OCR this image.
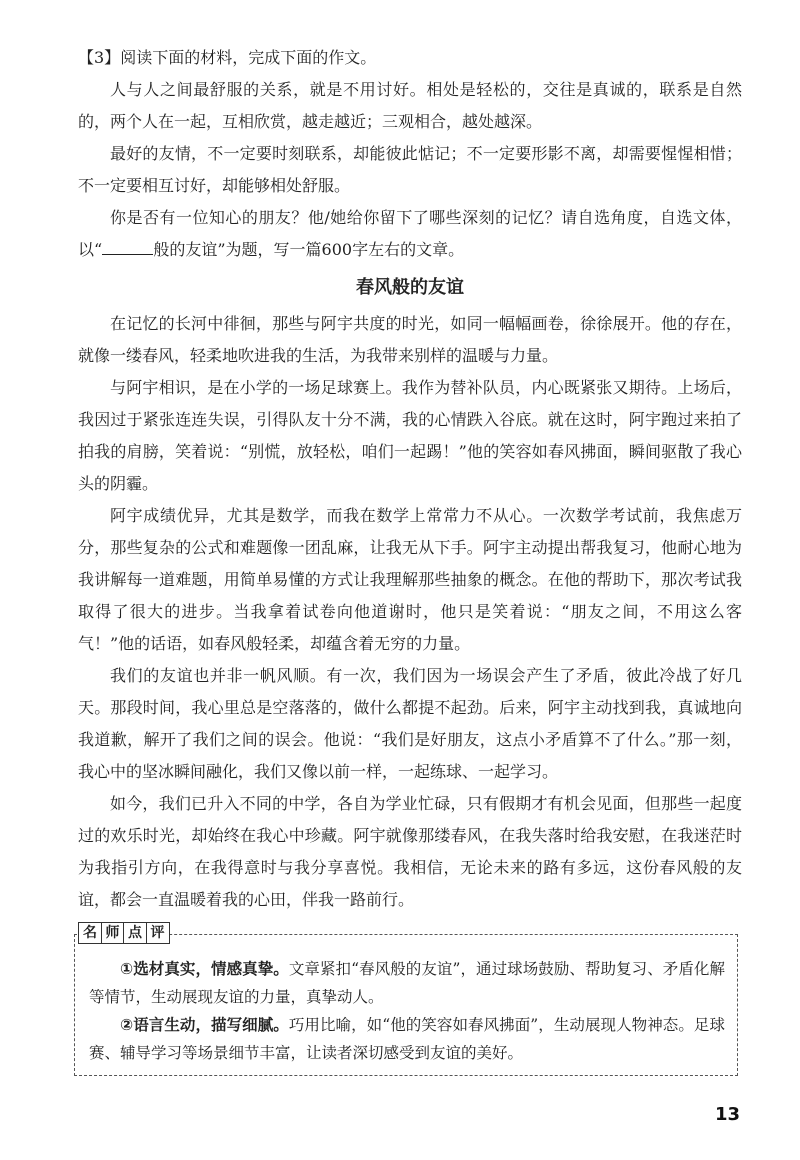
【3】阅读下面的材料，完成下面的作文。

人与人之间最舒服的关系，就是不用讨好。相处是轻松的，交往是真诚的，联系是自然的，两个人在一起，互相欣赏，越走越近；三观相合，越处越深。

最好的友情，不一定要时刻联系，却能彼此惦记；不一定要形影不离，却需要惺惺相惜；不一定要相互讨好，却能够相处舒服。

你是否有一位知心的朋友？他/她给你留下了哪些深刻的记忆？请自选角度，自选文体，以“	般的友谊”为题，写一篇600字左右的文章。

春风般的友谊

在记忆的长河中徘徊，那些与阿宇共度的时光，如同一幅幅画卷，徐徐展开。他的存在，就像一缕春风，轻柔地吹进我的生活，为我带来别样的温暖与力量。

与阿宇相识，是在小学的一场足球赛上。我作为替补队员，内心既紧张又期待。上场后，我因过于紧张连连失误，引得队友十分不满，我的心情跌入谷底。就在这时，阿宇跑过来拍了拍我的肩膀，笑着说：“别慌，放轻松，咱们一起踢！”他的笑容如春风拂面，瞬间驱散了我心头的阴霾。

阿宇成绩优异，尤其是数学，而我在数学上常常力不从心。一次数学考试前，我焦虑万分，那些复杂的公式和难题像一团乱麻，让我无从下手。阿宇主动提出帮我复习，他耐心地为我讲解每一道难题，用简单易懂的方式让我理解那些抽象的概念。在他的帮助下，那次考试我取得了很大的进步。当我拿着试卷向他道谢时，他只是笑着说：“朋友之间，不用这么客气！”他的话语，如春风般轻柔，却蕴含着无穷的力量。

我们的友谊也并非一帆风顺。有一次，我们因为一场误会产生了矛盾，彼此冷战了好几天。那段时间，我心里总是空落落的，做什么都提不起劲。后来，阿宇主动找到我，真诚地向我道歉，解开了我们之间的误会。他说：“我们是好朋友，这点小矛盾算不了什么。”那一刻，我心中的坚冰瞬间融化，我们又像以前一样，一起练球、一起学习。

如今，我们已升入不同的中学，各自为学业忙碌，只有假期才有机会见面，但那些一起度过的欢乐时光，却始终在我心中珍藏。阿宇就像那缕春风，在我失落时给我安慰，在我迷茫时为我指引方向，在我得意时与我分享喜悦。我相信，无论未来的路有多远，这份春风般的友谊，都会一直温暖着我的心田，伴我一路前行。

名 师 点 评

①选材真实，情感真挚。文章紧扣“春风般的友谊”，通过球场鼓励、帮助复习、矛盾化解等情节，生动展现友谊的力量，真挚动人。

②语言生动，描写细腻。巧用比喻，如“他的笑容如春风拂面”，生动展现人物神态。足球赛、辅导学习等场景细节丰富，让读者深切感受到友谊的美好。

13
